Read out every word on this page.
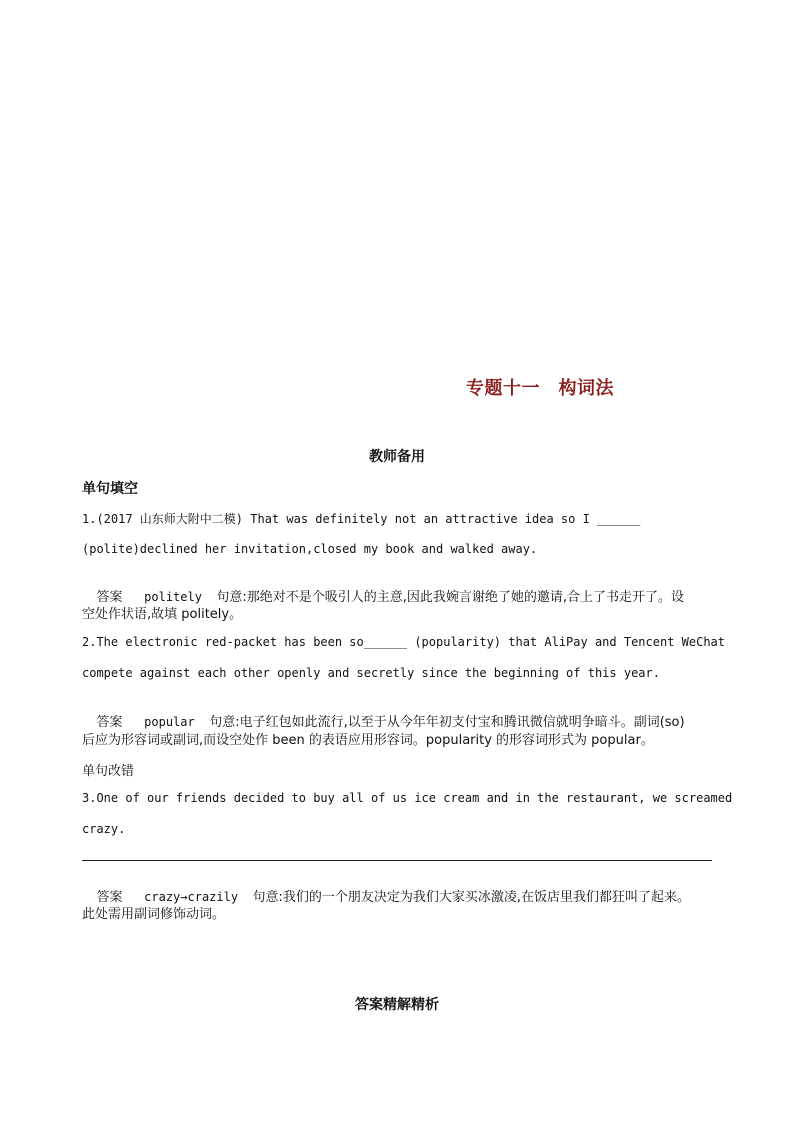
专题十一　构词法
教师备用
单句填空
1.(2017 山东师大附中二模) That was definitely not an attractive idea so I ______
(polite)declined her invitation,closed my book and walked away.

答案 politely 句意:那绝对不是个吸引人的主意,因此我婉言谢绝了她的邀请,合上了书走开了。设

空处作状语,故填 politely。
2.The electronic red-packet has been so______ (popularity) that AliPay and Tencent WeChat
compete against each other openly and secretly since the beginning of this year.

答案 popular 句意:电子红包如此流行,以至于从今年年初支付宝和腾讯微信就明争暗斗。副词(so)

后应为形容词或副词,而设空处作 been 的表语应用形容词。popularity 的形容词形式为 popular。
单句改错
3.One of our friends decided to buy all of us ice cream and in the restaurant, we screamed
crazy.

答案 crazy→crazily 句意:我们的一个朋友决定为我们大家买冰激凌,在饭店里我们都狂叫了起来。

此处需用副词修饰动词。
答案精解精析
